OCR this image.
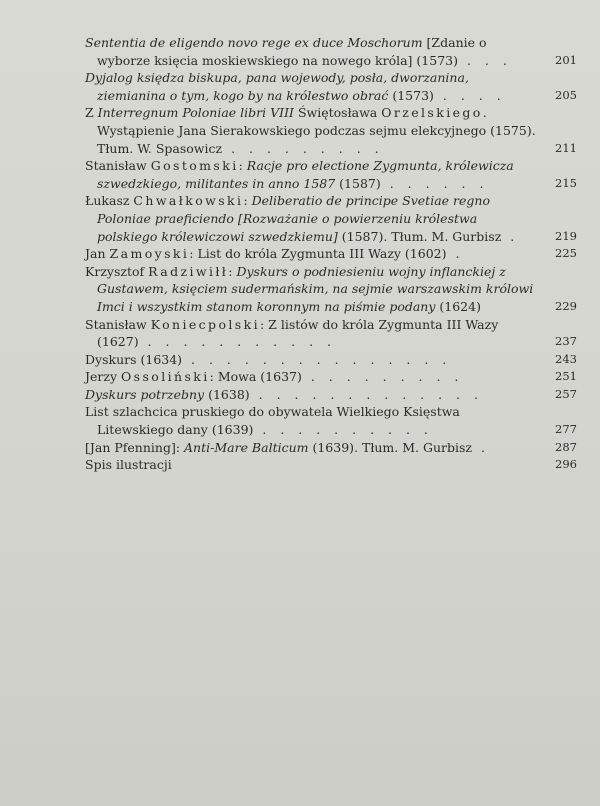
Sententia de eligendo novo rege ex duce Moschorum [Zdanie o wyborze księcia moskiewskiego na nowego króla] (1573) . . .	201
Dyjalog księdza biskupa, pana wojewody, posła, dworzanina, ziemianina o tym, kogo by na królestwo obrać (1573) . . . .	205
Z Interregnum Poloniae libri VIII Świętosława Orzelskiego. Wystąpienie Jana Sierakowskiego podczas sejmu elekcyjnego (1575). Tłum. W. Spasowicz . . . . . . . . .	211
Stanisław Gostomski: Racje pro electione Zygmunta, królewicza szwedzkiego, militantes in anno 1587 (1587) . . . . . .	215
Łukasz Chwałkowski: Deliberatio de principe Svetiae regno Poloniae praeficiendo [Rozważanie o powierzeniu królestwa polskiego królewiczowi szwedzkiemu] (1587). Tłum. M. Gurbisz .	219
Jan Zamoyski: List do króla Zygmunta III Wazy (1602) .	225
Krzysztof Radziwiłł: Dyskurs o podniesieniu wojny inflanckiej z Gustawem, księciem sudermańskim, na sejmie warszawskim królowi Imci i wszystkim stanom koronnym na piśmie podany (1624)	229
Stanisław Koniecpolski: Z listów do króla Zygmunta III Wazy (1627) . . . . . . . . . . .	237
Dyskurs (1634) . . . . . . . . . . . . . . .	243
Jerzy Ossoliński: Mowa (1637) . . . . . . . . .	251
Dyskurs potrzebny (1638) . . . . . . . . . . . . .	257
List szlachcica pruskiego do obywatela Wielkiego Księstwa Litewskiego dany (1639) . . . . . . . . . .	277
[Jan Pfenning]: Anti-Mare Balticum (1639). Tłum. M. Gurbisz .	287
Spis ilustracji	296
